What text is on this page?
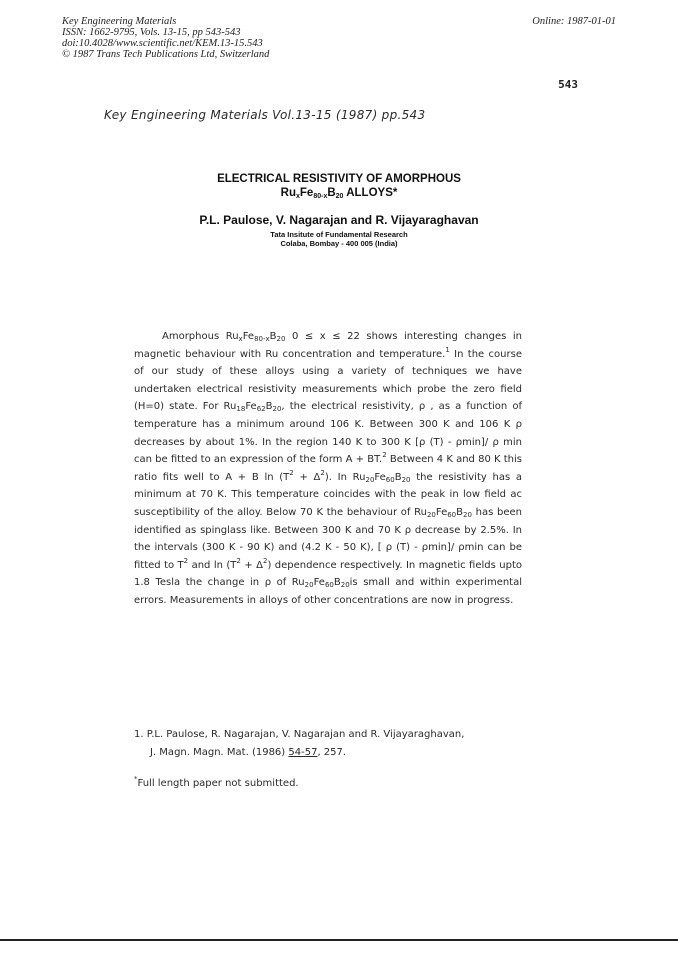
Key Engineering Materials
ISSN: 1662-9795, Vols. 13-15, pp 543-543
doi:10.4028/www.scientific.net/KEM.13-15.543
© 1987 Trans Tech Publications Ltd, Switzerland
Online: 1987-01-01
543
Key Engineering Materials Vol.13-15 (1987) pp.543
ELECTRICAL RESISTIVITY OF AMORPHOUS
$Ru_xFe_{80-x}B_{20}$ ALLOYS*
P.L. Paulose, V. Nagarajan and R. Vijayaraghavan
Tata Insitute of Fundamental Research
Colaba, Bombay - 400 005 (India)

Amorphous $Ru_xFe_{80-x}B_{20}$ 0 ≤ x ≤ 22 shows interesting changes in magnetic behaviour with Ru concentration and temperature.$^1$ In the course of our study of these alloys using a variety of techniques we have undertaken electrical resistivity measurements which probe the zero field (H=0) state. For $Ru_{18}Fe_{62}B_{20}$, the electrical resistivity, ρ , as a function of temperature has a minimum around 106 K. Between 300 K and 106 K ρ decreases by about 1%. In the region 140 K to 300 K [ρ (T) - ρmin]/ ρ min can be fitted to an expression of the form A + BT.$^2$ Between 4 K and 80 K this ratio fits well to A + B $\ln (T^2 + \Delta^2)$. In $Ru_{20}Fe_{60}B_{20}$ the resistivity has a minimum at 70 K. This temperature coincides with the peak in low field ac susceptibility of the alloy. Below 70 K the behaviour of $Ru_{20}Fe_{60}B_{20}$ has been identified as spinglass like. Between 300 K and 70 K ρ decrease by 2.5%. In the intervals (300 K - 90 K) and (4.2 K - 50 K), [ ρ (T) - ρmin]/ ρmin can be fitted to $T^2$ and $\ln (T^2 + \Delta^2)$ dependence respectively. In magnetic fields upto 1.8 Tesla the change in ρ of $Ru_{20}Fe_{60}B_{20}is$ small and within experimental errors. Measurements in alloys of other concentrations are now in progress.

1. P.L. Paulose, R. Nagarajan, V. Nagarajan and R. Vijayaraghavan,
J. Magn. Magn. Mat. (1986) 54-57, 257.
*Full length paper not submitted.
